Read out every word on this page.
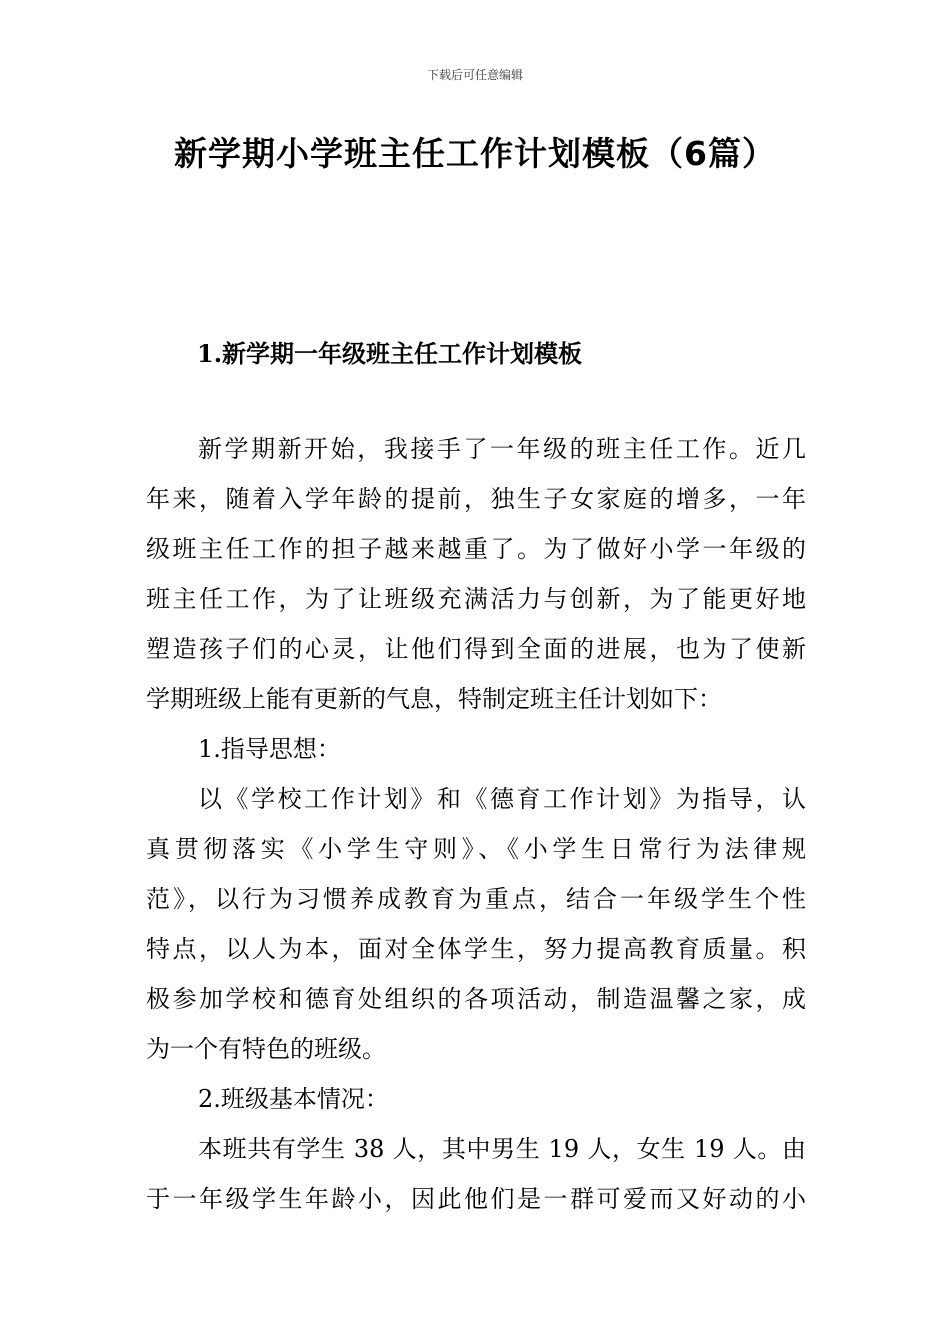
下载后可任意编辑
新学期小学班主任工作计划模板（6篇）
1.新学期一年级班主任工作计划模板
新学期新开始，我接手了一年级的班主任工作。近几
年来，随着入学年龄的提前，独生子女家庭的增多，一年
级班主任工作的担子越来越重了。为了做好小学一年级的
班主任工作，为了让班级充满活力与创新，为了能更好地
塑造孩子们的心灵，让他们得到全面的进展，也为了使新
学期班级上能有更新的气息，特制定班主任计划如下：
1.指导思想：
以《学校工作计划》和《德育工作计划》为指导，认
真贯彻落实《小学生守则》、《小学生日常行为法律规
范》，以行为习惯养成教育为重点，结合一年级学生个性
特点，以人为本，面对全体学生，努力提高教育质量。积
极参加学校和德育处组织的各项活动，制造温馨之家，成
为一个有特色的班级。
2.班级基本情况：
本班共有学生 38 人，其中男生 19 人，女生 19 人。由
于一年级学生年龄小，因此他们是一群可爱而又好动的小
